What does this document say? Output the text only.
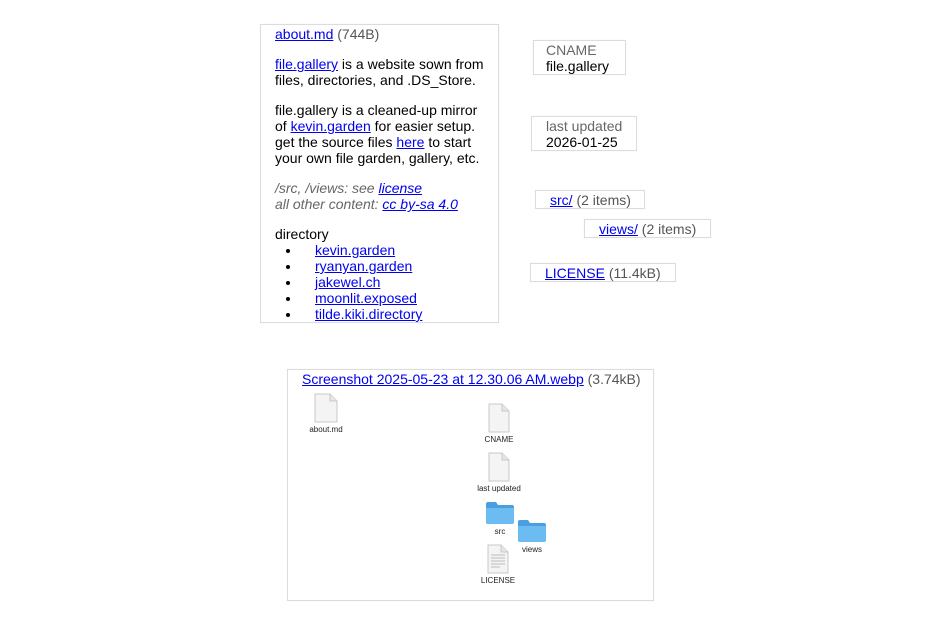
about.md (744B)

file.gallery is a website sown from files, directories, and .DS_Store.

file.gallery is a cleaned-up mirror of kevin.garden for easier setup. get the source files here to start your own file garden, gallery, etc.

/src, /views: see license
all other content: cc by-sa 4.0

directory
• kevin.garden
• ryanyan.garden
• jakewel.ch
• moonlit.exposed
• tilde.kiki.directory
CNAME
file.gallery
last updated
2026-01-25
src/ (2 items)
views/ (2 items)
LICENSE (11.4kB)
Screenshot 2025-05-23 at 12.30.06 AM.webp (3.74kB)
about.md
CNAME
last updated
src
views
LICENSE
